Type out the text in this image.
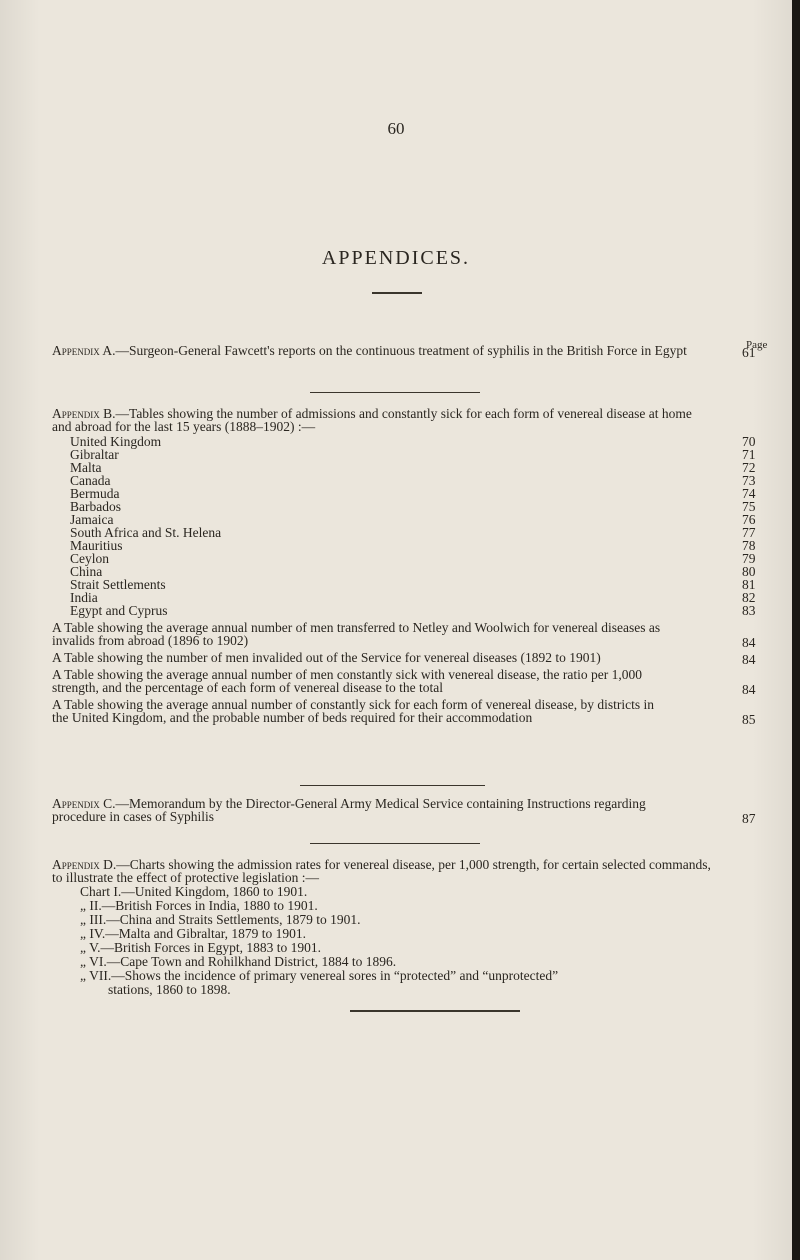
60
APPENDICES.
Page

Appendix A.—Surgeon-General Fawcett's reports on the continuous treatment of syphilis in the British Force in Egypt	61

Appendix B.—Tables showing the number of admissions and constantly sick for each form of venereal disease at home and abroad for the last 15 years (1888–1902) :—

United Kingdom	70
Gibraltar	71
Malta	72
Canada	73
Bermuda	74
Barbados	75
Jamaica	76
South Africa and St. Helena	77
Mauritius	78
Ceylon	79
China	80
Strait Settlements	81
India	82
Egypt and Cyprus	83

A Table showing the average annual number of men transferred to Netley and Woolwich for venereal diseases as invalids from abroad (1896 to 1902)	84

A Table showing the number of men invalided out of the Service for venereal diseases (1892 to 1901)	84

A Table showing the average annual number of men constantly sick with venereal disease, the ratio per 1,000 strength, and the percentage of each form of venereal disease to the total	84

A Table showing the average annual number of constantly sick for each form of venereal disease, by districts in the United Kingdom, and the probable number of beds required for their accommodation	85

Appendix C.—Memorandum by the Director-General Army Medical Service containing Instructions regarding procedure in cases of Syphilis	87

Appendix D.—Charts showing the admission rates for venereal disease, per 1,000 strength, for certain selected commands, to illustrate the effect of protective legislation :—

Chart I.—United Kingdom, 1860 to 1901.
„ II.—British Forces in India, 1880 to 1901.
„ III.—China and Straits Settlements, 1879 to 1901.
„ IV.—Malta and Gibraltar, 1879 to 1901.
„ V.—British Forces in Egypt, 1883 to 1901.
„ VI.—Cape Town and Rohilkhand District, 1884 to 1896.
„ VII.—Shows the incidence of primary venereal sores in “protected” and “unprotected”
stations, 1860 to 1898.
